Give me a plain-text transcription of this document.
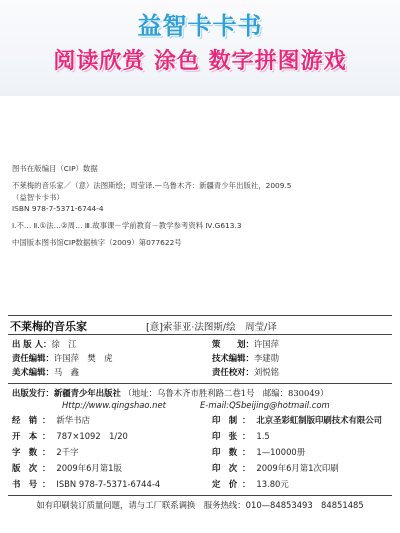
益智卡卡书
阅读欣赏 涂色 数字拼图游戏
图书在版编目（CIP）数据
不莱梅的音乐家／（意）法图斯绘；周莹译.—乌鲁木齐：新疆青少年出版社，2009.5
（益智卡卡书）
ISBN 978-7-5371-6744-4
Ⅰ.不… Ⅱ.①法…②周… Ⅲ.故事课－学前教育－教学参考资料 Ⅳ.G613.3
中国版本图书馆CIP数据核字（2009）第077622号
不莱梅的音乐家	[意]索菲亚·法图斯/绘　周莹/译
出 版 人：徐　江	策　　划：许国萍
责任编辑：许国萍　樊　虎	技术编辑：李建勋
美术编辑：马　鑫	责任校对：刘悦铭
出版发行：新疆青少年出版社 （地址：乌鲁木齐市胜利路二巷1号　邮编：830049）
Http://www.qingshao.net	E-mail:QSbeijing@hotmail.com
经　销 ： 新华书店	印　制 ： 北京圣彩虹制版印刷技术有限公司
开　本 ： 787×1092　1/20	印　张 ： 1.5
字　数 ： 2千字	印　数 ： 1—10000册
版　次 ： 2009年6月第1版	印　次 ： 2009年6月第1次印刷
书　号 ： ISBN 978-7-5371-6744-4	定　价 ： 13.80元
如有印刷装订质量问题，请与工厂联系调换　服务热线：010—84853493　84851485
